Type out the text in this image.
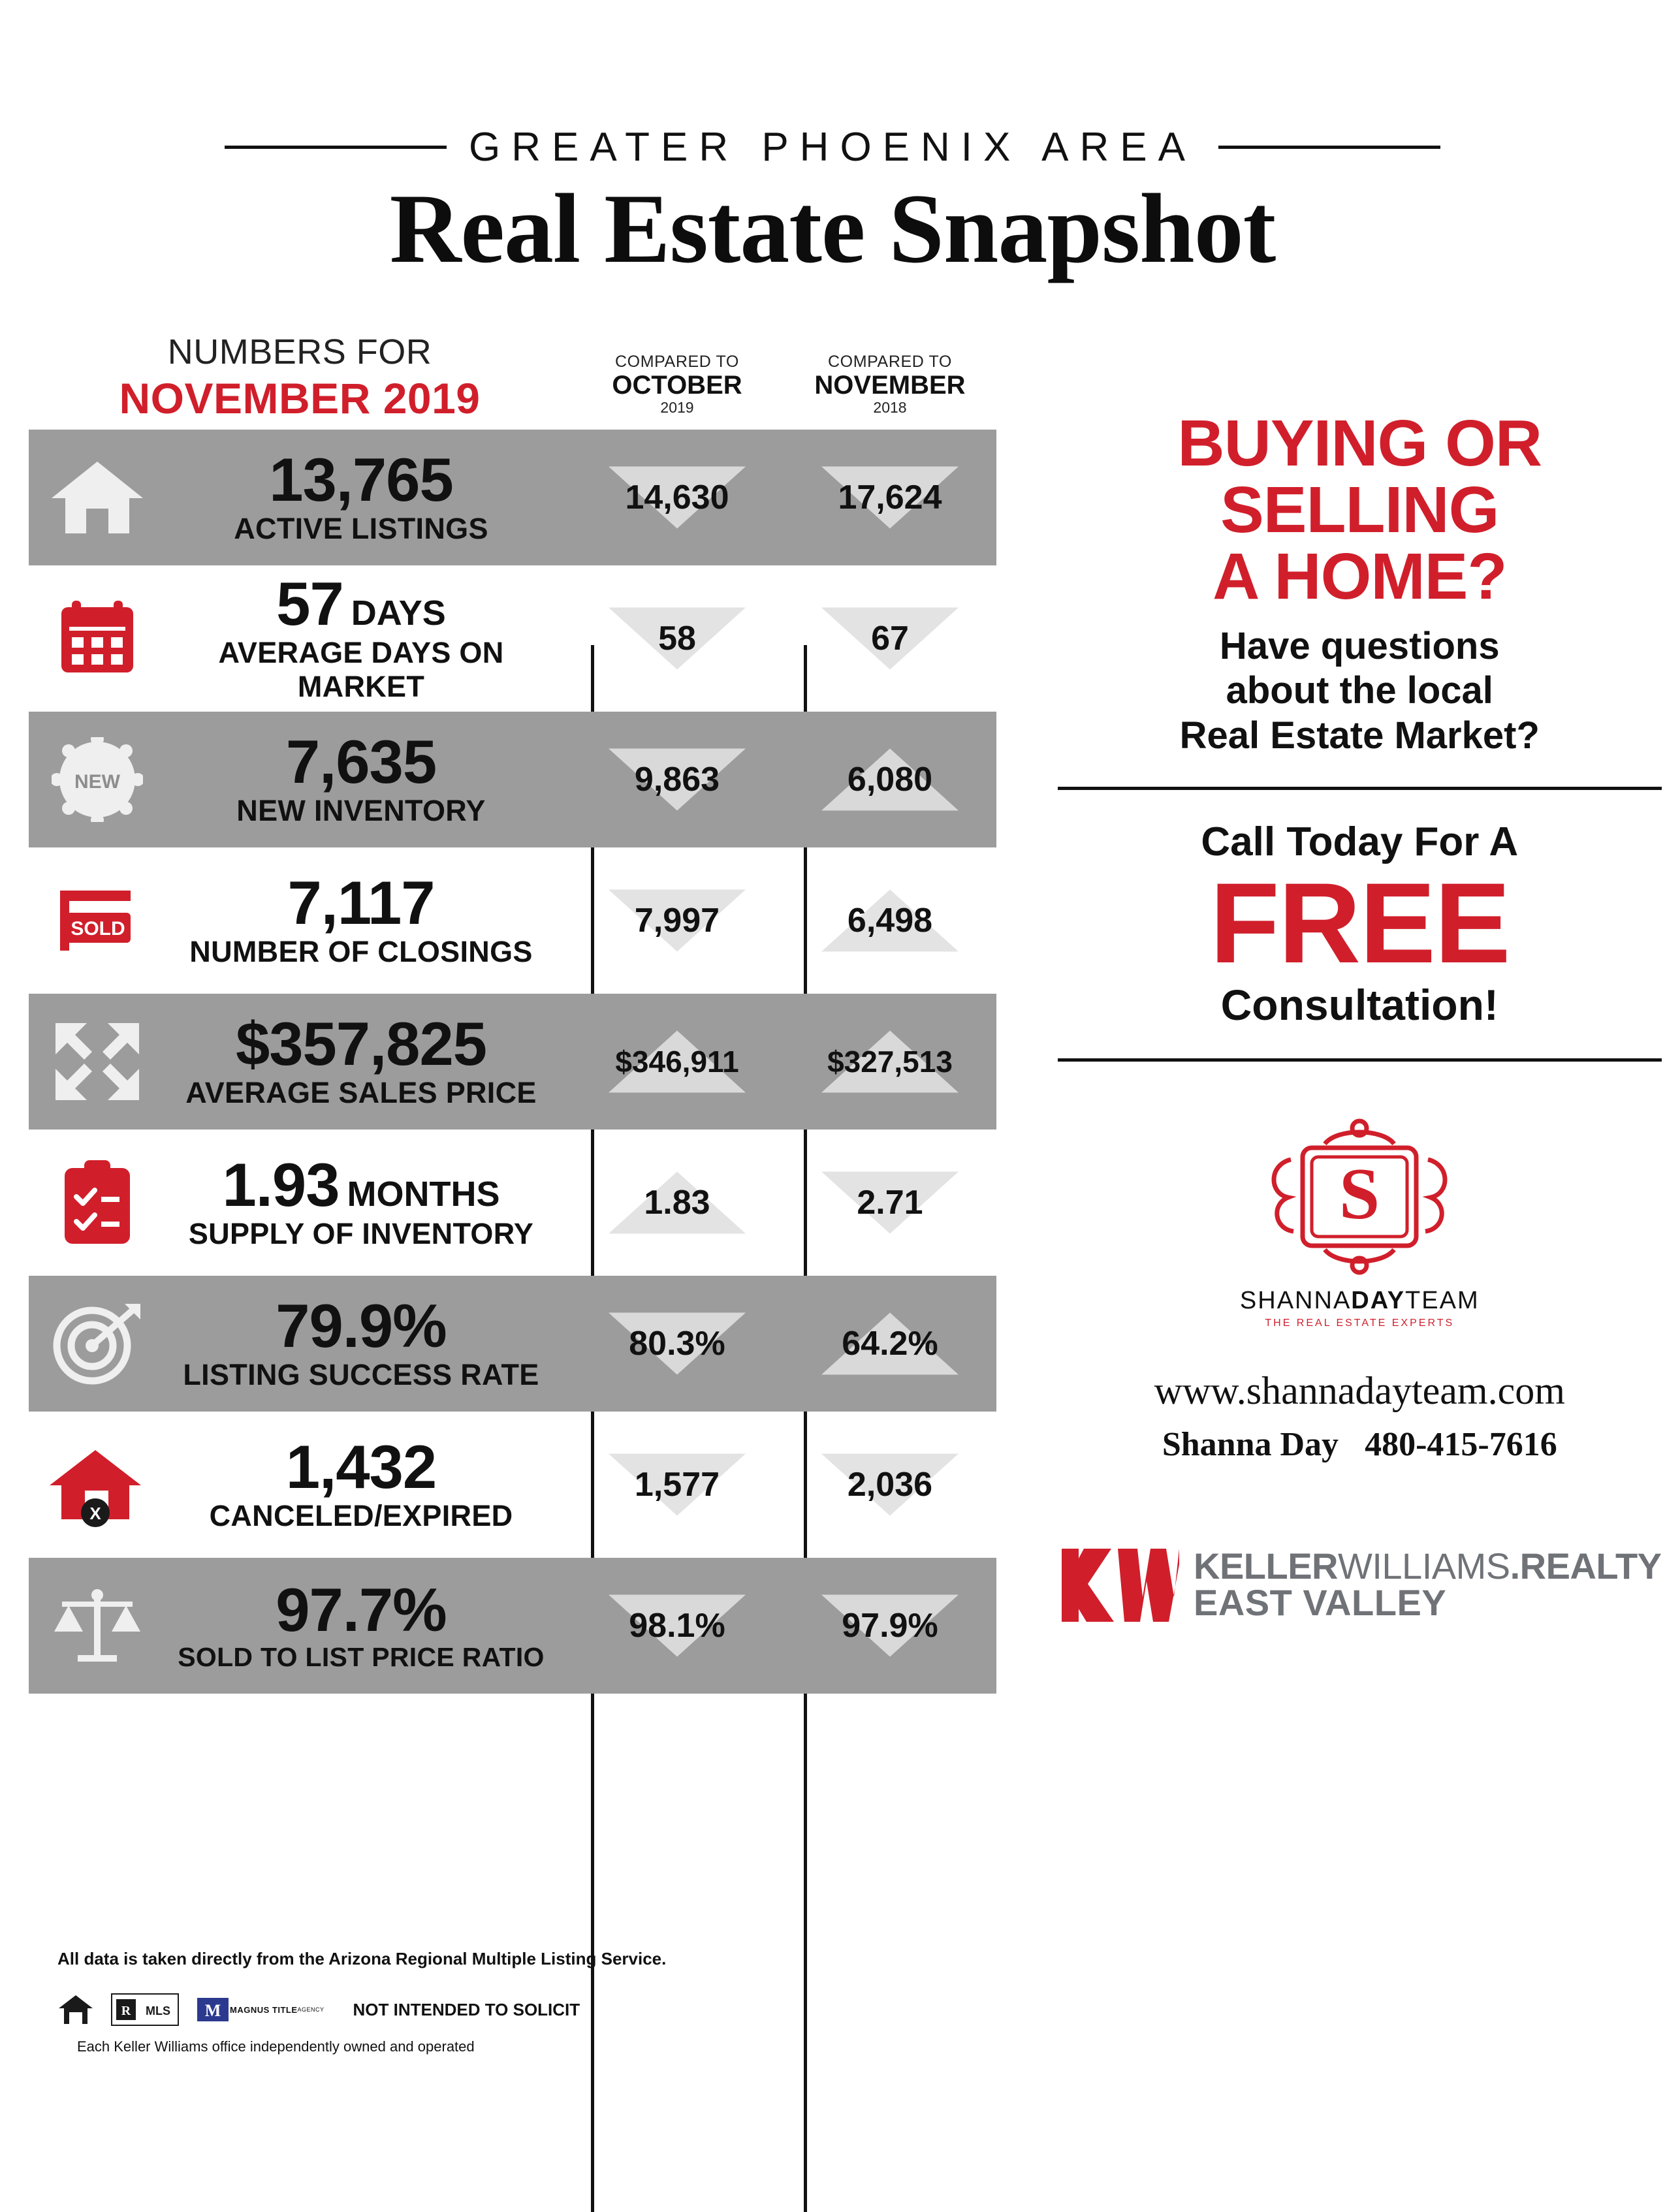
GREATER PHOENIX AREA
Real Estate Snapshot
NUMBERS FOR
NOVEMBER 2019
COMPARED TO
OCTOBER
2019
COMPARED TO
NOVEMBER
2018
13,765
ACTIVE LISTINGS
14,630	17,624
57 DAYS
AVERAGE DAYS ON MARKET
58	67
NEW	7,635
NEW INVENTORY
9,863	6,080
SOLD	7,117
NUMBER OF CLOSINGS
7,997	6,498
$357,825
AVERAGE SALES PRICE
$346,911	$327,513
1.93 MONTHS
SUPPLY OF INVENTORY
1.83	2.71
79.9%
LISTING SUCCESS RATE
80.3%	64.2%
X
1,432
CANCELED/EXPIRED
1,577	2,036
97.7%
SOLD TO LIST PRICE RATIO
98.1%	97.9%
BUYING OR
SELLING
A HOME?
Have questions
about the local
Real Estate Market?
Call Today For A
FREE
Consultation!
S
SHANNADAYTEAM
THE REAL ESTATE EXPERTS
www.shannadayteam.com
Shanna Day 480-415-7616
KELLERWILLIAMS.REALTY
EAST VALLEY
All data is taken directly from the Arizona Regional Multiple Listing Service.
R MLS M MAGNUS TITLE AGENCY NOT INTENDED TO SOLICIT
Each Keller Williams office independently owned and operated
